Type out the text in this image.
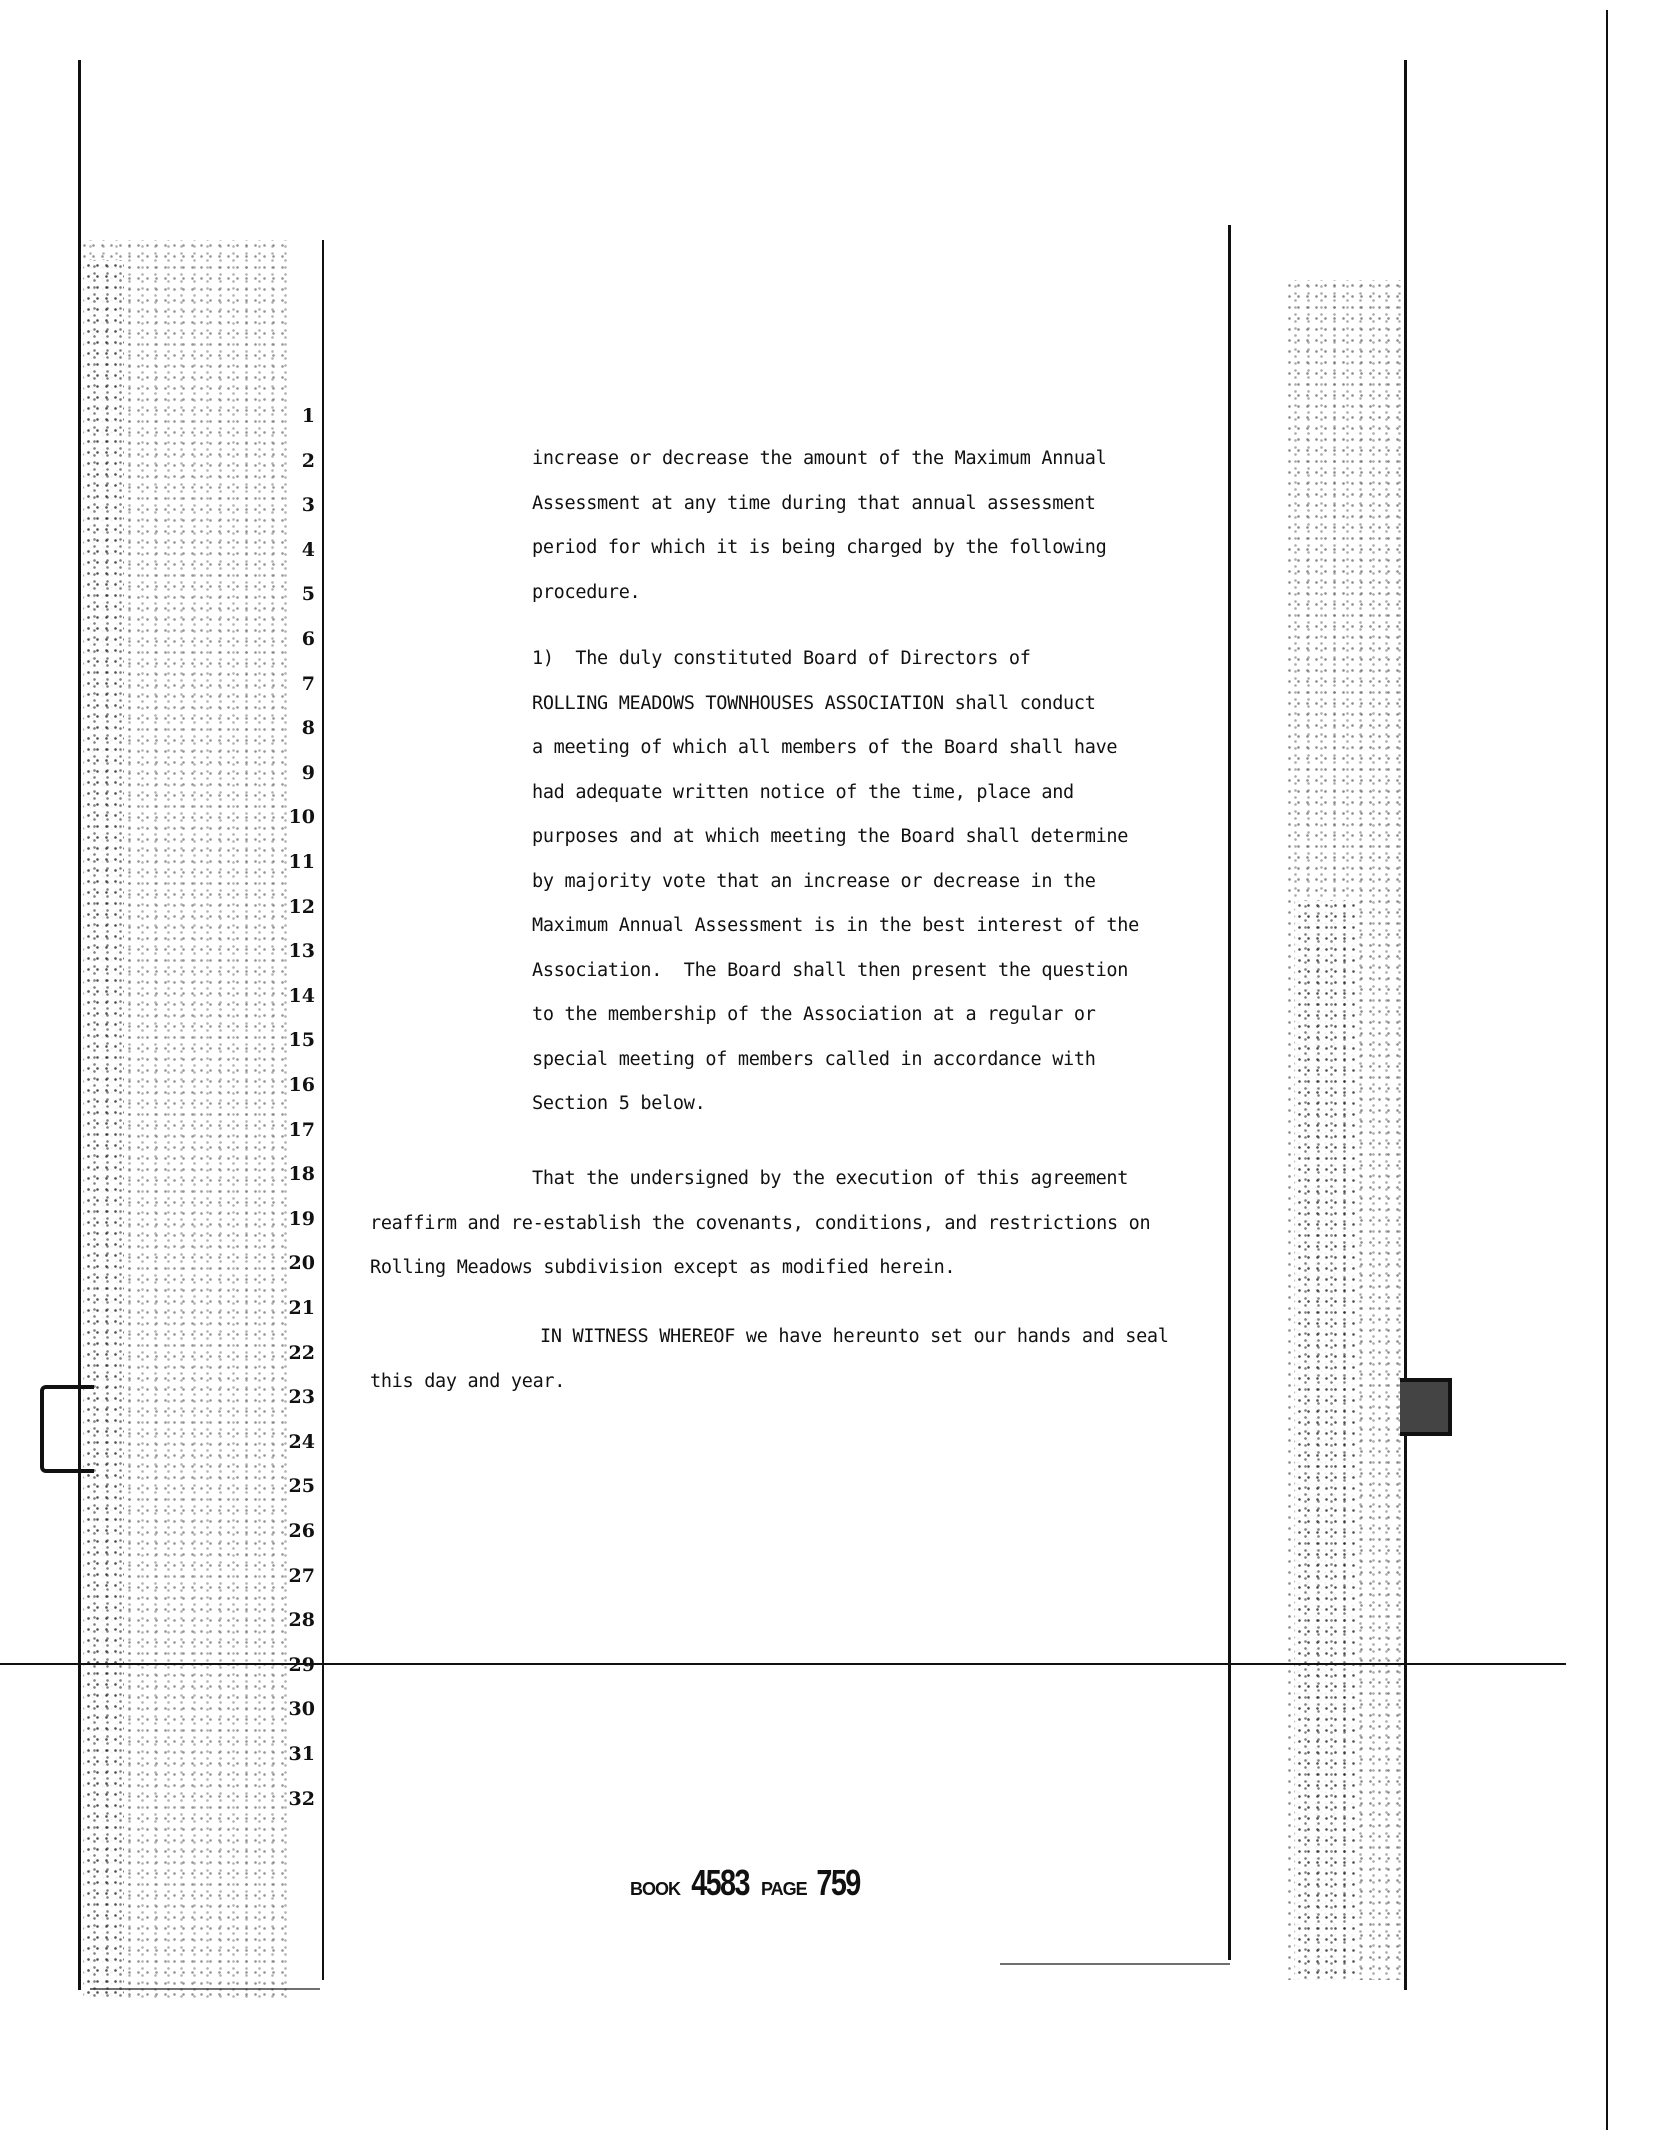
1
2
3
4
5
6
7
8
9
10
11
12
13
14
15
16
17
18
19
20
21
22
23
24
25
26
27
28
29
30
31
32
increase or decrease the amount of the Maximum Annual
Assessment at any time during that annual assessment
period for which it is being charged by the following
procedure.
1)  The duly constituted Board of Directors of
ROLLING MEADOWS TOWNHOUSES ASSOCIATION shall conduct
a meeting of which all members of the Board shall have
had adequate written notice of the time, place and
purposes and at which meeting the Board shall determine
by majority vote that an increase or decrease in the
Maximum Annual Assessment is in the best interest of the
Association.  The Board shall then present the question
to the membership of the Association at a regular or
special meeting of members called in accordance with
Section 5 below.
That the undersigned by the execution of this agreement
reaffirm and re-establish the covenants, conditions, and restrictions on
Rolling Meadows subdivision except as modified herein.
IN WITNESS WHEREOF we have hereunto set our hands and seal
this day and year.
BOOK 4583 PAGE 759
